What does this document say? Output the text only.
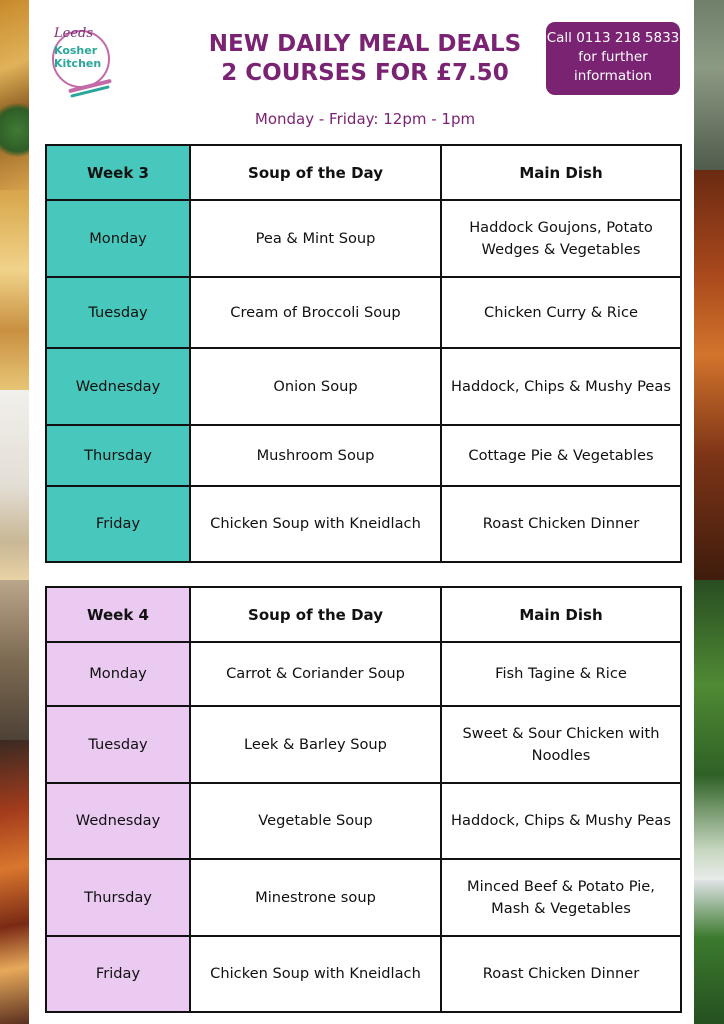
Leeds
Kosher
Kitchen
NEW DAILY MEAL DEALS
2 COURSES FOR £7.50
Call 0113 218 5833
for further
information
Monday - Friday: 12pm - 1pm
Week 3	Soup of the Day	Main Dish
Monday	Pea & Mint Soup	Haddock Goujons, Potato Wedges & Vegetables
Tuesday	Cream of Broccoli Soup	Chicken Curry & Rice
Wednesday	Onion Soup	Haddock, Chips & Mushy Peas
Thursday	Mushroom Soup	Cottage Pie & Vegetables
Friday	Chicken Soup with Kneidlach	Roast Chicken Dinner
Week 4	Soup of the Day	Main Dish
Monday	Carrot & Coriander Soup	Fish Tagine & Rice
Tuesday	Leek & Barley Soup	Sweet & Sour Chicken with Noodles
Wednesday	Vegetable Soup	Haddock, Chips & Mushy Peas
Thursday	Minestrone soup	Minced Beef & Potato Pie, Mash & Vegetables
Friday	Chicken Soup with Kneidlach	Roast Chicken Dinner
